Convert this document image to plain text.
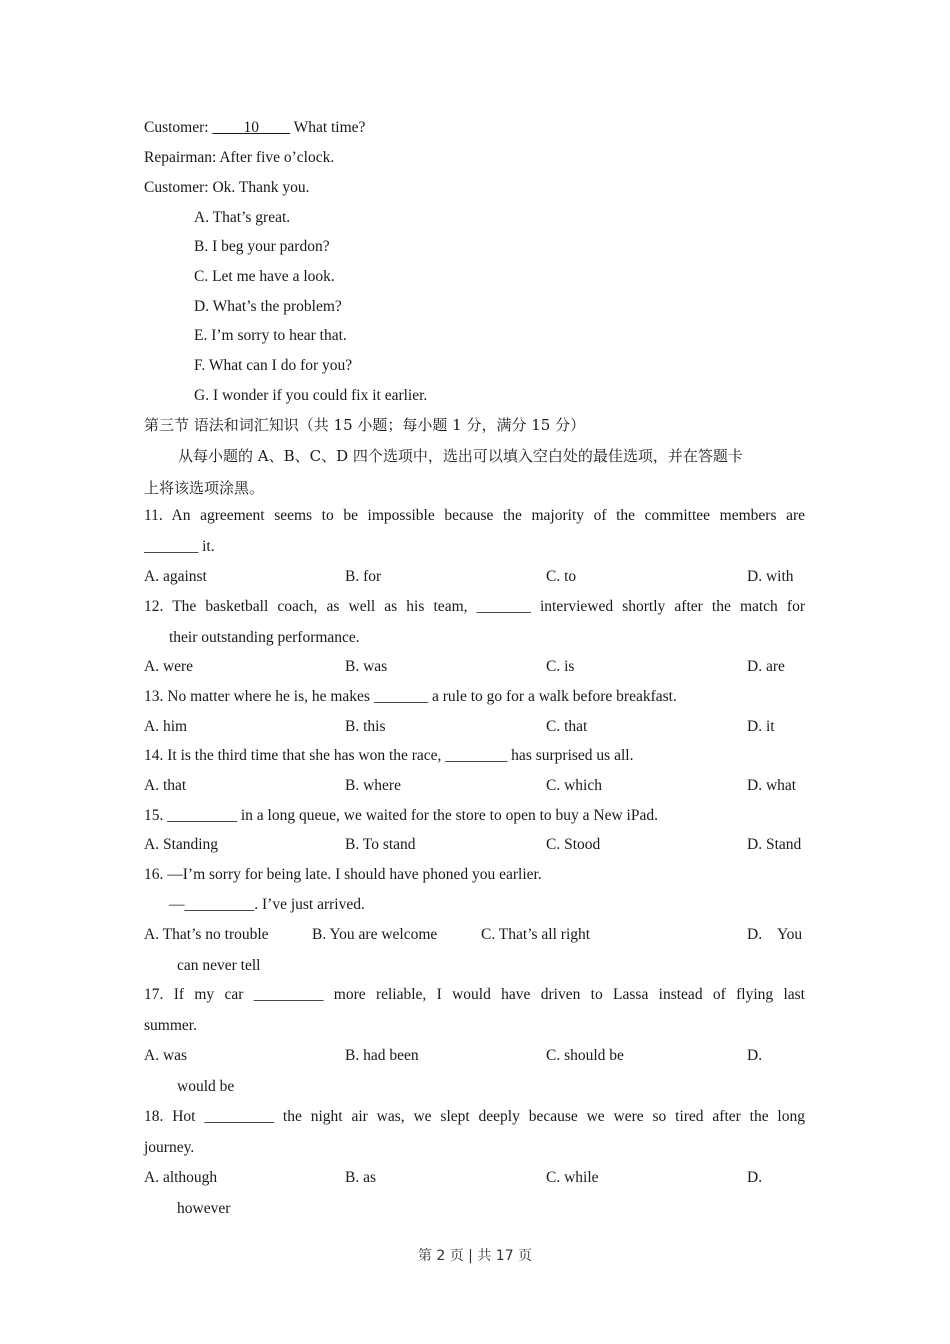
Customer: ____10____ What time?
Repairman: After five o’clock.
Customer: Ok. Thank you.
A. That’s great.
B. I beg your pardon?
C. Let me have a look.
D. What’s the problem?
E. I’m sorry to hear that.
F. What can I do for you?
G. I wonder if you could fix it earlier.
第三节 语法和词汇知识（共 15 小题；每小题 1 分，满分 15 分）
从每小题的 A、B、C、D 四个选项中，选出可以填入空白处的最佳选项，并在答题卡
上将该选项涂黑。
11. An agreement seems to be impossible because the majority of the committee members are
_______ it.
A. against	B. for	C. to	D. with
12. The basketball coach, as well as his team, _______ interviewed shortly after the match for
their outstanding performance.
A. were	B. was	C. is	D. are
13. No matter where he is, he makes _______ a rule to go for a walk before breakfast.
A. him	B. this	C. that	D. it
14. It is the third time that she has won the race, ________ has surprised us all.
A. that	B. where	C. which	D. what
15. _________ in a long queue, we waited for the store to open to buy a New iPad.
A. Standing	B. To stand	C. Stood	D. Stand
16. —I’m sorry for being late. I should have phoned you earlier.
—_________. I’ve just arrived.
A. That’s no trouble	B. You are welcome	C. That’s all right	D.    You
can never tell
17. If my car _________ more reliable, I would have driven to Lassa instead of flying last
summer.
A. was	B. had been	C. should be	D.
would be
18. Hot _________ the night air was, we slept deeply because we were so tired after the long
journey.
A. although	B. as	C. while	D.
however
第 2 页 | 共 17 页
